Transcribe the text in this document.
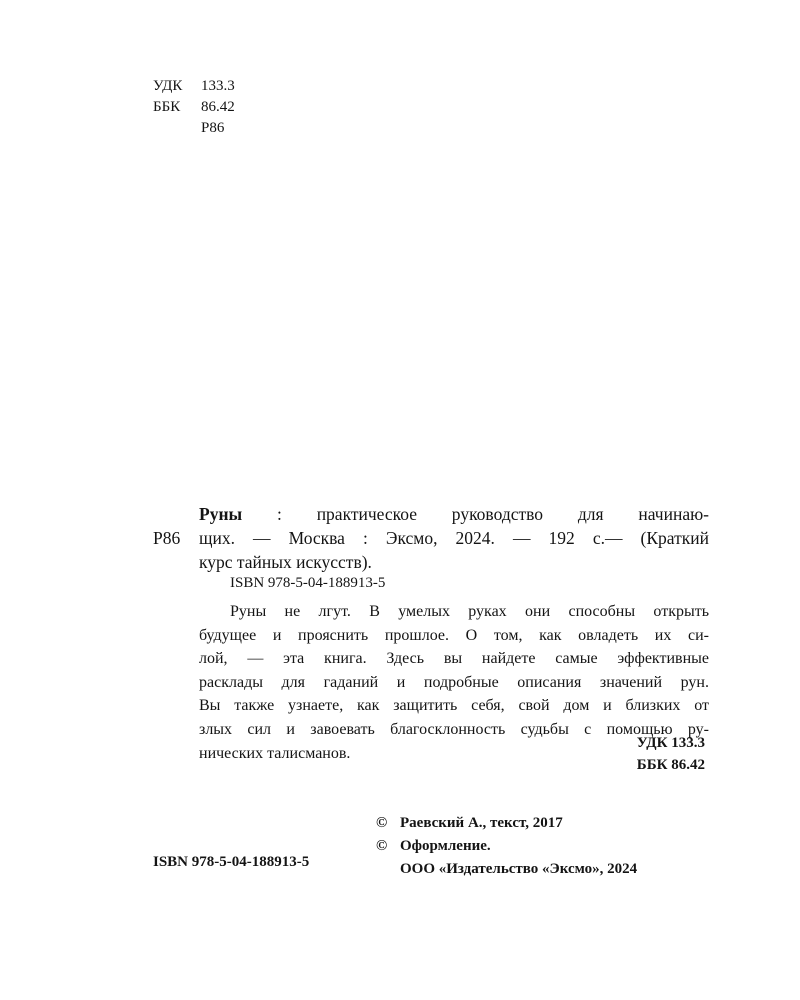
УДК	133.3
ББК	86.42
Р86
Р86
Руны : практическое руководство для начинаю-
щих. — Москва : Эксмо, 2024. — 192 с.— (Краткий
курс тайных искусств).
ISBN 978-5-04-188913-5
Руны не лгут. В умелых руках они способны открыть
будущее и прояснить прошлое. О том, как овладеть их си-
лой, — эта книга. Здесь вы найдете самые эффективные
расклады для гаданий и подробные описания значений рун.
Вы также узнаете, как защитить себя, свой дом и близких от
злых сил и завоевать благосклонность судьбы с помощью ру-
нических талисманов.
УДК 133.3
ББК 86.42
© Раевский А., текст, 2017
© Оформление.
ООО «Издательство «Эксмо», 2024
ISBN 978-5-04-188913-5
